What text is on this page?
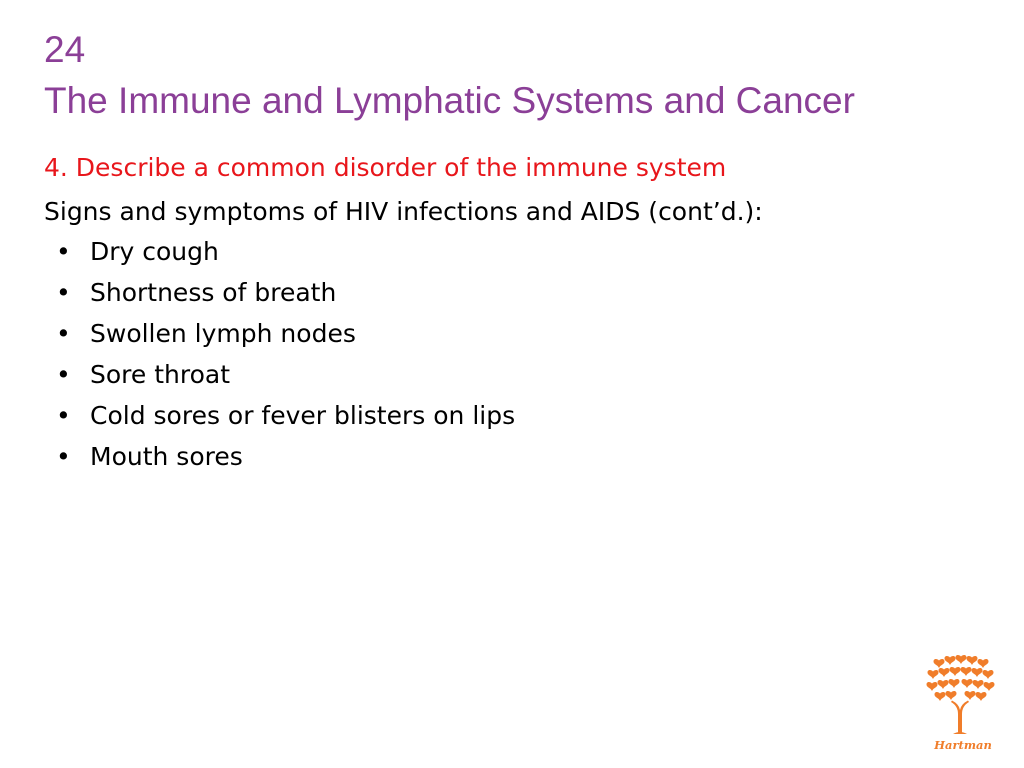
24
The Immune and Lymphatic Systems and Cancer
4. Describe a common disorder of the immune system
Signs and symptoms of HIV infections and AIDS (cont’d.):
• Dry cough
• Shortness of breath
• Swollen lymph nodes
• Sore throat
• Cold sores or fever blisters on lips
• Mouth sores
Hartman
